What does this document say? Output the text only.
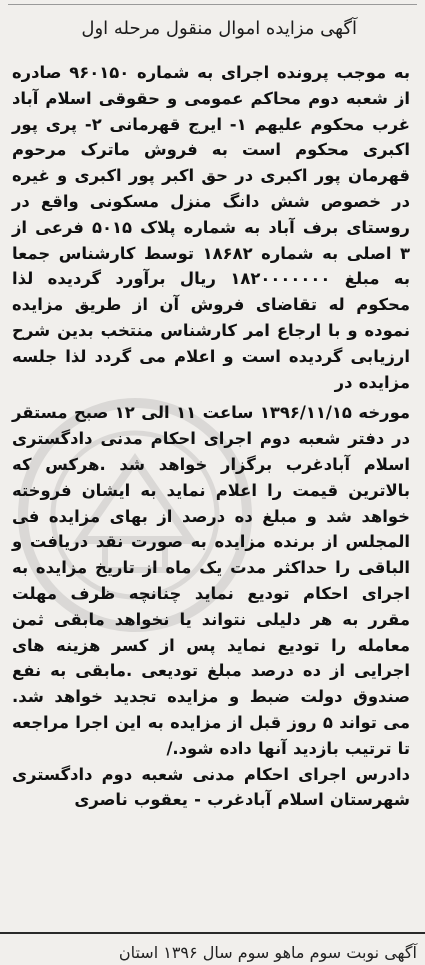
آگهی مزایده اموال منقول مرحله اول

به موجب پرونده اجرای به شماره ۹۶۰۱۵۰ صادره از شعبه دوم محاکم عمومی و حقوقی اسلام آباد غرب محکوم علیهم ۱- ایرج قهرمانی ۲- پری پور اکبری محکوم است به فروش ماترک مرحوم قهرمان پور اکبری در حق اکبر پور اکبری و غیره در خصوص شش دانگ منزل مسکونی واقع در روستای برف آباد به شماره پلاک ۵۰۱۵ فرعی از ۳ اصلی به شماره ۱۸۶۸۲ توسط کارشناس جمعا به مبلغ ۱۸۲۰۰۰۰۰۰۰ ریال برآورد گردیده لذا محکوم له تقاضای فروش آن از طریق مزایده نموده و با ارجاع امر کارشناس منتخب بدین شرح ارزیابی گردیده است و اعلام می گردد لذا جلسه مزایده در

مورخه ۱۳۹۶/۱۱/۱۵ ساعت ۱۱ الی ۱۲ صبح مستقر در دفتر شعبه دوم اجرای احکام مدنی دادگستری اسلام آبادغرب برگزار خواهد شد .هرکس که بالاترین قیمت را اعلام نماید به ایشان فروخته خواهد شد و مبلغ ده درصد از بهای مزایده فی المجلس از برنده مزایده به صورت نقد دریافت و الباقی را حداکثر مدت یک ماه از تاریخ مزایده به اجرای احکام تودیع نماید چنانچه ظرف مهلت مقرر به هر دلیلی نتواند یا نخواهد مابقی ثمن معامله را تودیع نماید پس از کسر هزینه های اجرایی از ده درصد مبلغ تودیعی .مابقی به نفع صندوق دولت ضبط و مزایده تجدید خواهد شد. می تواند ۵ روز قبل از مزایده به این اجرا مراجعه تا ترتیب بازدید آنها داده شود./

دادرس اجرای احکام مدنی شعبه دوم دادگستری شهرستان اسلام آبادغرب - یعقوب ناصری

آگهی نوبت سوم ماهو سوم سال ۱۳۹۶ استان
